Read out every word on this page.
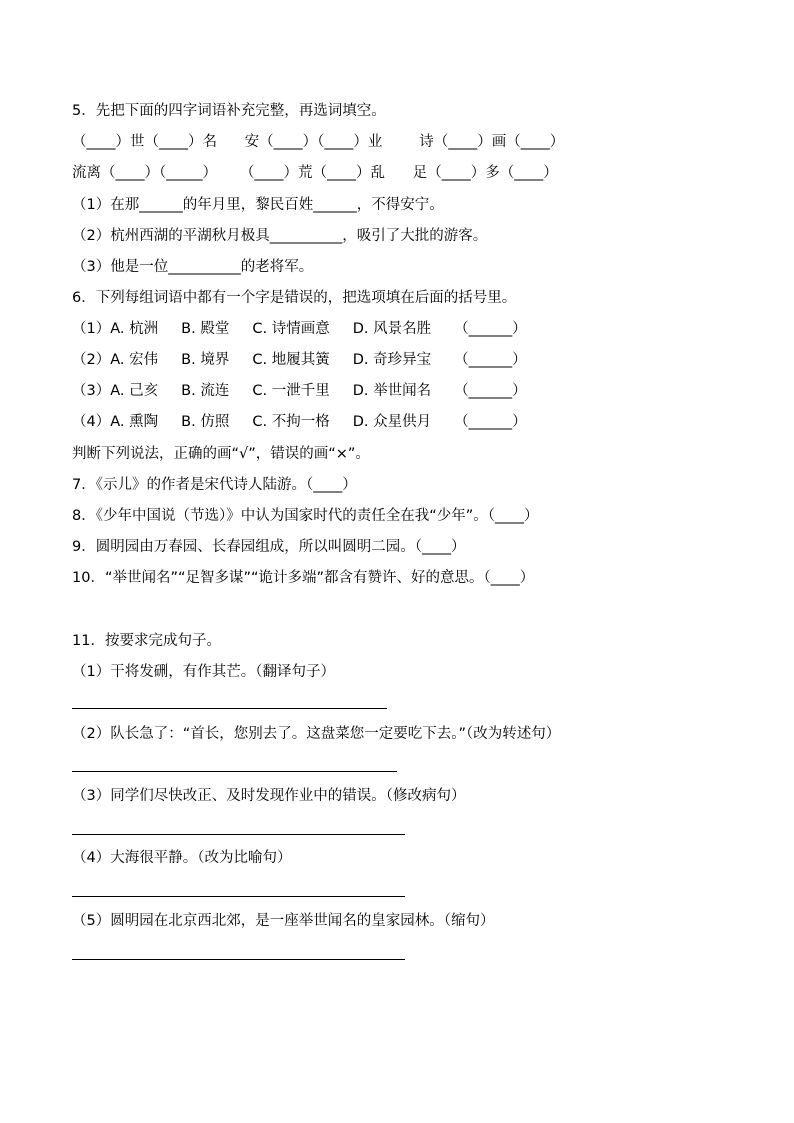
5．先把下面的四字词语补充完整，再选词填空。
（____）世（____）名      安（____）（____）业        诗（____）画（____）
流离（____）（_____）     （____）荒（____）乱      足（____）多（____）
（1）在那______的年月里，黎民百姓______，不得安宁。
（2）杭州西湖的平湖秋月极具__________，吸引了大批的游客。
（3）他是一位__________的老将军。
6．下列每组词语中都有一个字是错误的，把选项填在后面的括号里。
（1）A. 杭洲     B. 殿堂     C. 诗情画意     D. 风景名胜     （______）
（2）A. 宏伟     B. 境界     C. 地履其簧     D. 奇珍异宝     （______）
（3）A. 己亥     B. 流连     C. 一泄千里     D. 举世闻名     （______）
（4）A. 熏陶     B. 仿照     C. 不拘一格     D. 众星供月     （______）
判断下列说法，正确的画“√”，错误的画“×”。
7．《示儿》的作者是宋代诗人陆游。（____）
8．《少年中国说（节选）》中认为国家时代的责任全在我“少年”。（____）
9．圆明园由万春园、长春园组成，所以叫圆明二园。（____）
10．“举世闻名”“足智多谋”“诡计多端”都含有赞许、好的意思。（____）
11．按要求完成句子。
（1）干将发硎，有作其芒。（翻译句子）
（2）队长急了：“首长，您别去了。这盘菜您一定要吃下去。”（改为转述句）
（3）同学们尽快改正、及时发现作业中的错误。（修改病句）
（4）大海很平静。（改为比喻句）
（5）圆明园在北京西北郊，是一座举世闻名的皇家园林。（缩句）
